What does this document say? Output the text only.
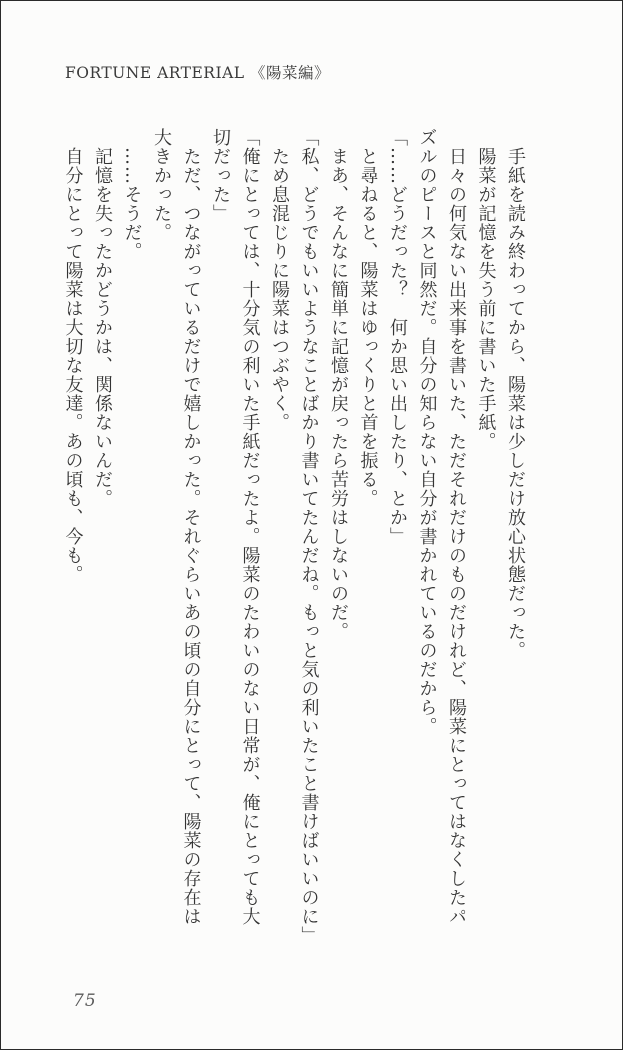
FORTUNE ARTERIAL 《陽菜編》

手紙を読み終わってから、陽菜は少しだけ放心状態だった。

陽菜が記憶を失う前に書いた手紙。

日々の何気ない出来事を書いた、ただそれだけのものだけれど、陽菜にとってはなくしたパ

ズルのピースと同然だ。自分の知らない自分が書かれているのだから。

「……どうだった？　何か思い出したり、とか」

と尋ねると、陽菜はゆっくりと首を振る。

まあ、そんなに簡単に記憶が戻ったら苦労はしないのだ。

「私、どうでもいいようなことばかり書いてたんだね。もっと気の利いたこと書けばいいのに」

ため息混じりに陽菜はつぶやく。

「俺にとっては、十分気の利いた手紙だったよ。陽菜のたわいのない日常が、俺にとっても大

切だった」

ただ、つながっているだけで嬉しかった。それぐらいあの頃の自分にとって、陽菜の存在は

大きかった。

……そうだ。

記憶を失ったかどうかは、関係ないんだ。

自分にとって陽菜は大切な友達。あの頃も、今も。

75
